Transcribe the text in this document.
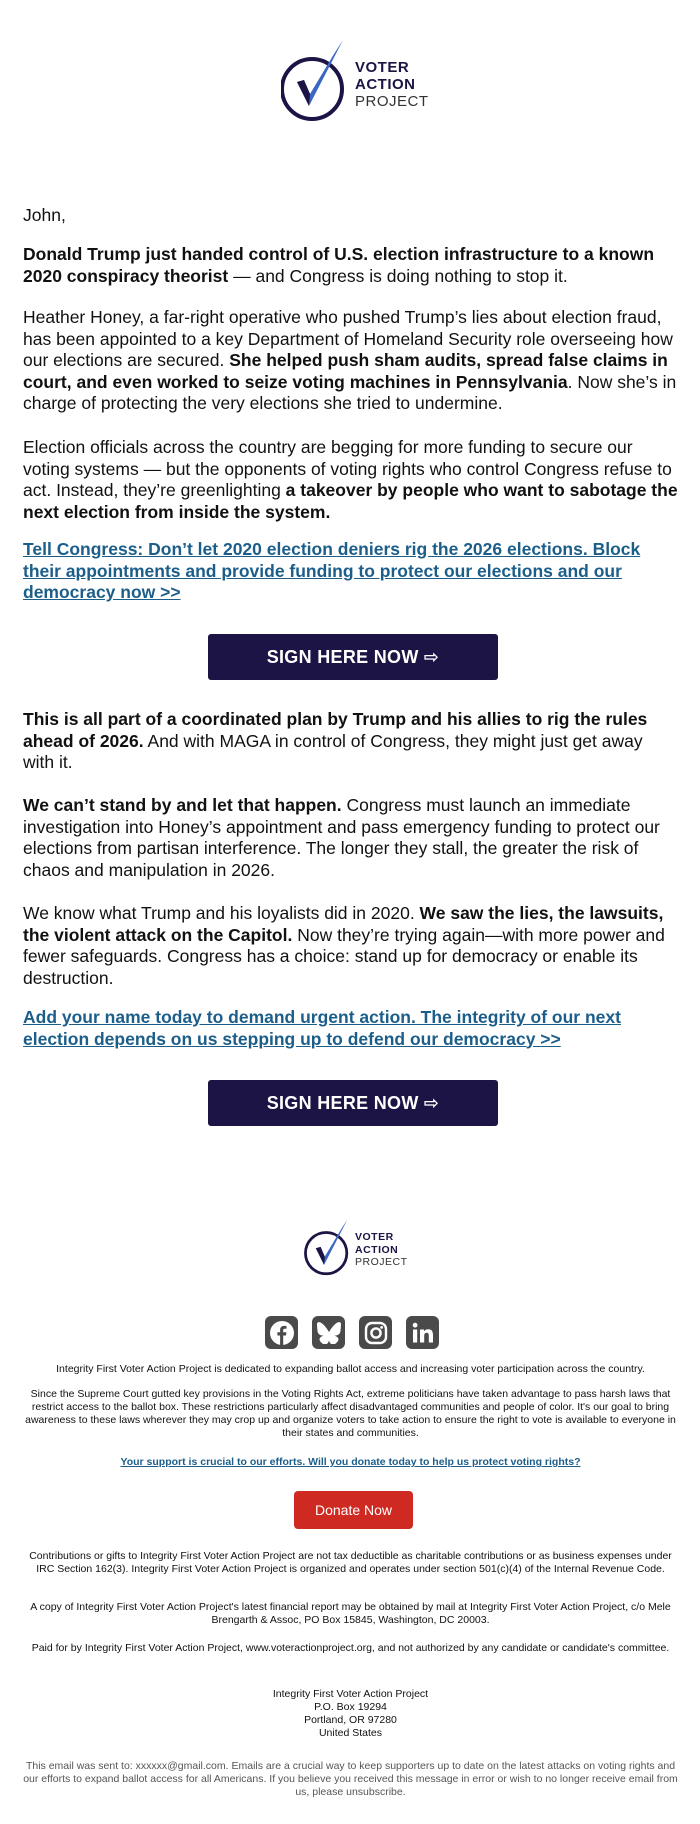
VOTER
ACTION
PROJECT

John,

Donald Trump just handed control of U.S. election infrastructure to a known 2020 conspiracy theorist — and Congress is doing nothing to stop it.

Heather Honey, a far-right operative who pushed Trump’s lies about election fraud, has been appointed to a key Department of Homeland Security role overseeing how our elections are secured. She helped push sham audits, spread false claims in court, and even worked to seize voting machines in Pennsylvania. Now she’s in charge of protecting the very elections she tried to undermine.

Election officials across the country are begging for more funding to secure our voting systems — but the opponents of voting rights who control Congress refuse to act. Instead, they’re greenlighting a takeover by people who want to sabotage the next election from inside the system.

Tell Congress: Don’t let 2020 election deniers rig the 2026 elections. Block their appointments and provide funding to protect our elections and our democracy now >>

SIGN HERE NOW ⇨

This is all part of a coordinated plan by Trump and his allies to rig the rules ahead of 2026. And with MAGA in control of Congress, they might just get away with it.

We can’t stand by and let that happen. Congress must launch an immediate investigation into Honey’s appointment and pass emergency funding to protect our elections from partisan interference. The longer they stall, the greater the risk of chaos and manipulation in 2026.

We know what Trump and his loyalists did in 2020. We saw the lies, the lawsuits, the violent attack on the Capitol. Now they’re trying again—with more power and fewer safeguards. Congress has a choice: stand up for democracy or enable its destruction.

Add your name today to demand urgent action. The integrity of our next election depends on us stepping up to defend our democracy >>

SIGN HERE NOW ⇨
VOTER
ACTION
PROJECT

Integrity First Voter Action Project is dedicated to expanding ballot access and increasing voter participation across the country.

Since the Supreme Court gutted key provisions in the Voting Rights Act, extreme politicians have taken advantage to pass harsh laws that restrict access to the ballot box. These restrictions particularly affect disadvantaged communities and people of color. It's our goal to bring awareness to these laws wherever they may crop up and organize voters to take action to ensure the right to vote is available to everyone in their states and communities.

Your support is crucial to our efforts. Will you donate today to help us protect voting rights?
Donate Now

Contributions or gifts to Integrity First Voter Action Project are not tax deductible as charitable contributions or as business expenses under IRC Section 162(3). Integrity First Voter Action Project is organized and operates under section 501(c)(4) of the Internal Revenue Code.

A copy of Integrity First Voter Action Project's latest financial report may be obtained by mail at Integrity First Voter Action Project, c/o Mele Brengarth & Assoc, PO Box 15845, Washington, DC 20003.

Paid for by Integrity First Voter Action Project, www.voteractionproject.org, and not authorized by any candidate or candidate's committee.

Integrity First Voter Action Project

P.O. Box 19294

Portland, OR 97280

United States

This email was sent to: xxxxxx@gmail.com. Emails are a crucial way to keep supporters up to date on the latest attacks on voting rights and our efforts to expand ballot access for all Americans. If you believe you received this message in error or wish to no longer receive email from us, please unsubscribe.
